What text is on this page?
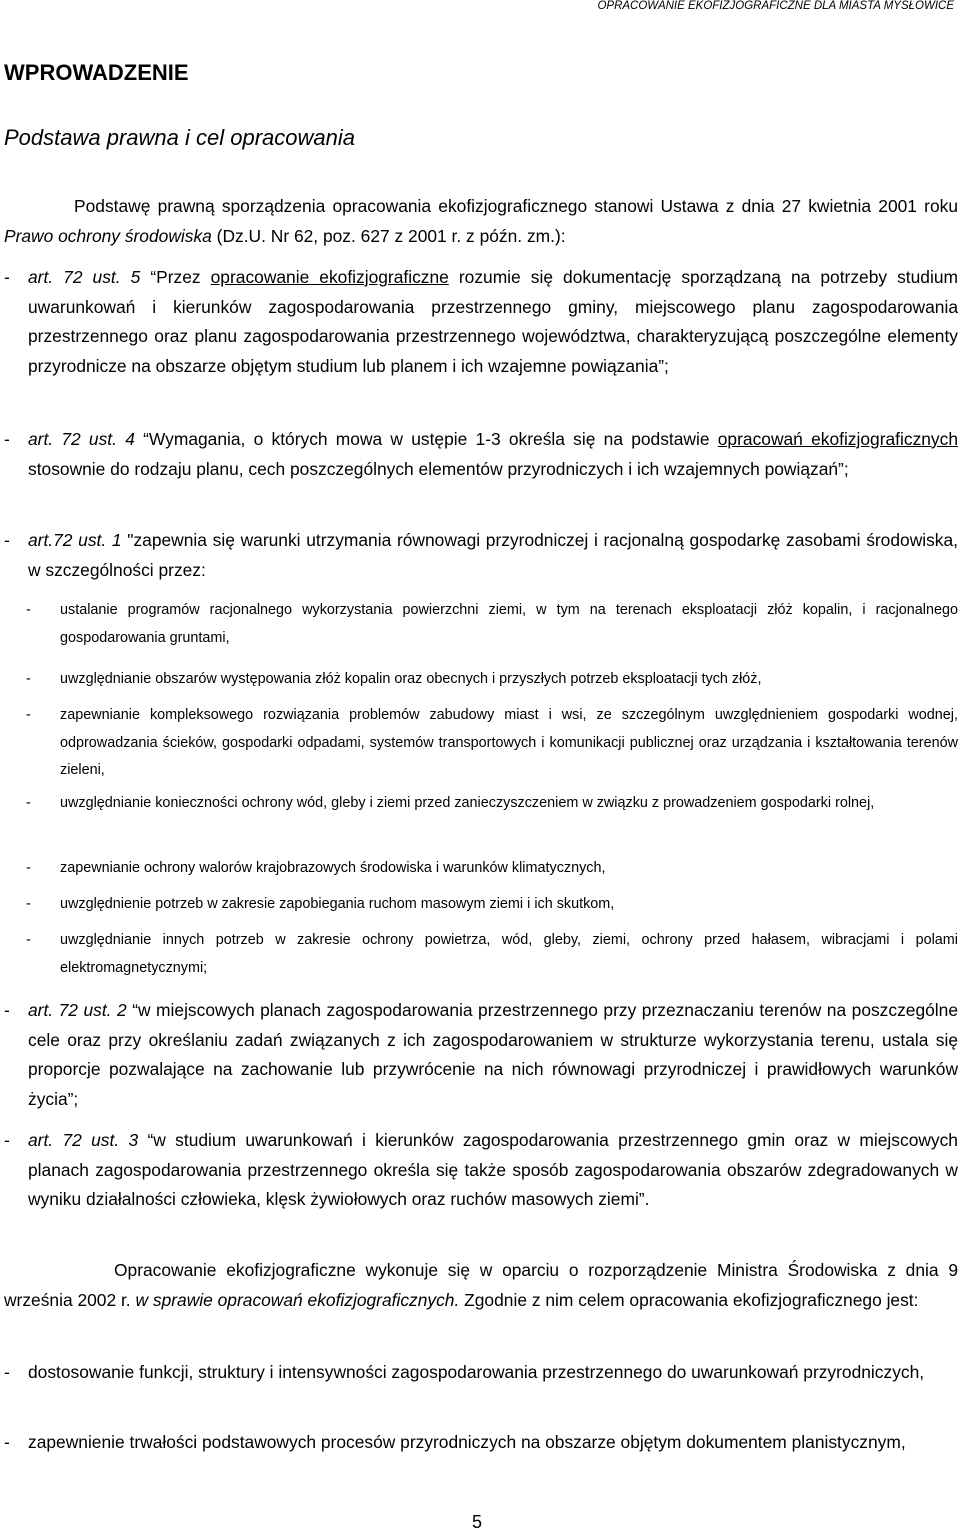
OPRACOWANIE EKOFIZJOGRAFICZNE DLA MIASTA MYSŁOWICE
WPROWADZENIE
Podstawa prawna i cel opracowania
Podstawę prawną sporządzenia opracowania ekofizjograficznego stanowi Ustawa z dnia 27 kwietnia 2001 roku Prawo ochrony środowiska (Dz.U. Nr 62, poz. 627 z 2001 r. z późn. zm.):
- art. 72 ust. 5 “Przez opracowanie ekofizjograficzne rozumie się dokumentację sporządzaną na potrzeby studium uwarunkowań i kierunków zagospodarowania przestrzennego gminy, miejscowego planu zagospodarowania przestrzennego oraz planu zagospodarowania przestrzennego województwa, charakteryzującą poszczególne elementy przyrodnicze na obszarze objętym studium lub planem i ich wzajemne powiązania”;
- art. 72 ust. 4 “Wymagania, o których mowa w ustępie 1-3 określa się na podstawie opracowań ekofizjograficznych stosownie do rodzaju planu, cech poszczególnych elementów przyrodniczych i ich wzajemnych powiązań”;
- art.72 ust. 1 "zapewnia się warunki utrzymania równowagi przyrodniczej i racjonalną gospodarkę zasobami środowiska, w szczególności przez:
- ustalanie programów racjonalnego wykorzystania powierzchni ziemi, w tym na terenach eksploatacji złóż kopalin, i racjonalnego gospodarowania gruntami,
- uwzględnianie obszarów występowania złóż kopalin oraz obecnych i przyszłych potrzeb eksploatacji tych złóż,
- zapewnianie kompleksowego rozwiązania problemów zabudowy miast i wsi, ze szczególnym uwzględnieniem gospodarki wodnej, odprowadzania ścieków, gospodarki odpadami, systemów transportowych i komunikacji publicznej oraz urządzania i kształtowania terenów zieleni,
- uwzględnianie konieczności ochrony wód, gleby i ziemi przed zanieczyszczeniem w związku z prowadzeniem gospodarki rolnej,
- zapewnianie ochrony walorów krajobrazowych środowiska i warunków klimatycznych,
- uwzględnienie potrzeb w zakresie zapobiegania ruchom masowym ziemi i ich skutkom,
- uwzględnianie innych potrzeb w zakresie ochrony powietrza, wód, gleby, ziemi, ochrony przed hałasem, wibracjami i polami elektromagnetycznymi;
- art. 72 ust. 2 “w miejscowych planach zagospodarowania przestrzennego przy przeznaczaniu terenów na poszczególne cele oraz przy określaniu zadań związanych z ich zagospodarowaniem w strukturze wykorzystania terenu, ustala się proporcje pozwalające na zachowanie lub przywrócenie na nich równowagi przyrodniczej i prawidłowych warunków życia”;
- art. 72 ust. 3 “w studium uwarunkowań i kierunków zagospodarowania przestrzennego gmin oraz w miejscowych planach zagospodarowania przestrzennego określa się także sposób zagospodarowania obszarów zdegradowanych w wyniku działalności człowieka, klęsk żywiołowych oraz ruchów masowych ziemi”.
Opracowanie ekofizjograficzne wykonuje się w oparciu o rozporządzenie Ministra Środowiska z dnia 9 września 2002 r. w sprawie opracowań ekofizjograficznych. Zgodnie z nim celem opracowania ekofizjograficznego jest:
- dostosowanie funkcji, struktury i intensywności zagospodarowania przestrzennego do uwarunkowań przyrodniczych,
- zapewnienie trwałości podstawowych procesów przyrodniczych na obszarze objętym dokumentem planistycznym,
5
